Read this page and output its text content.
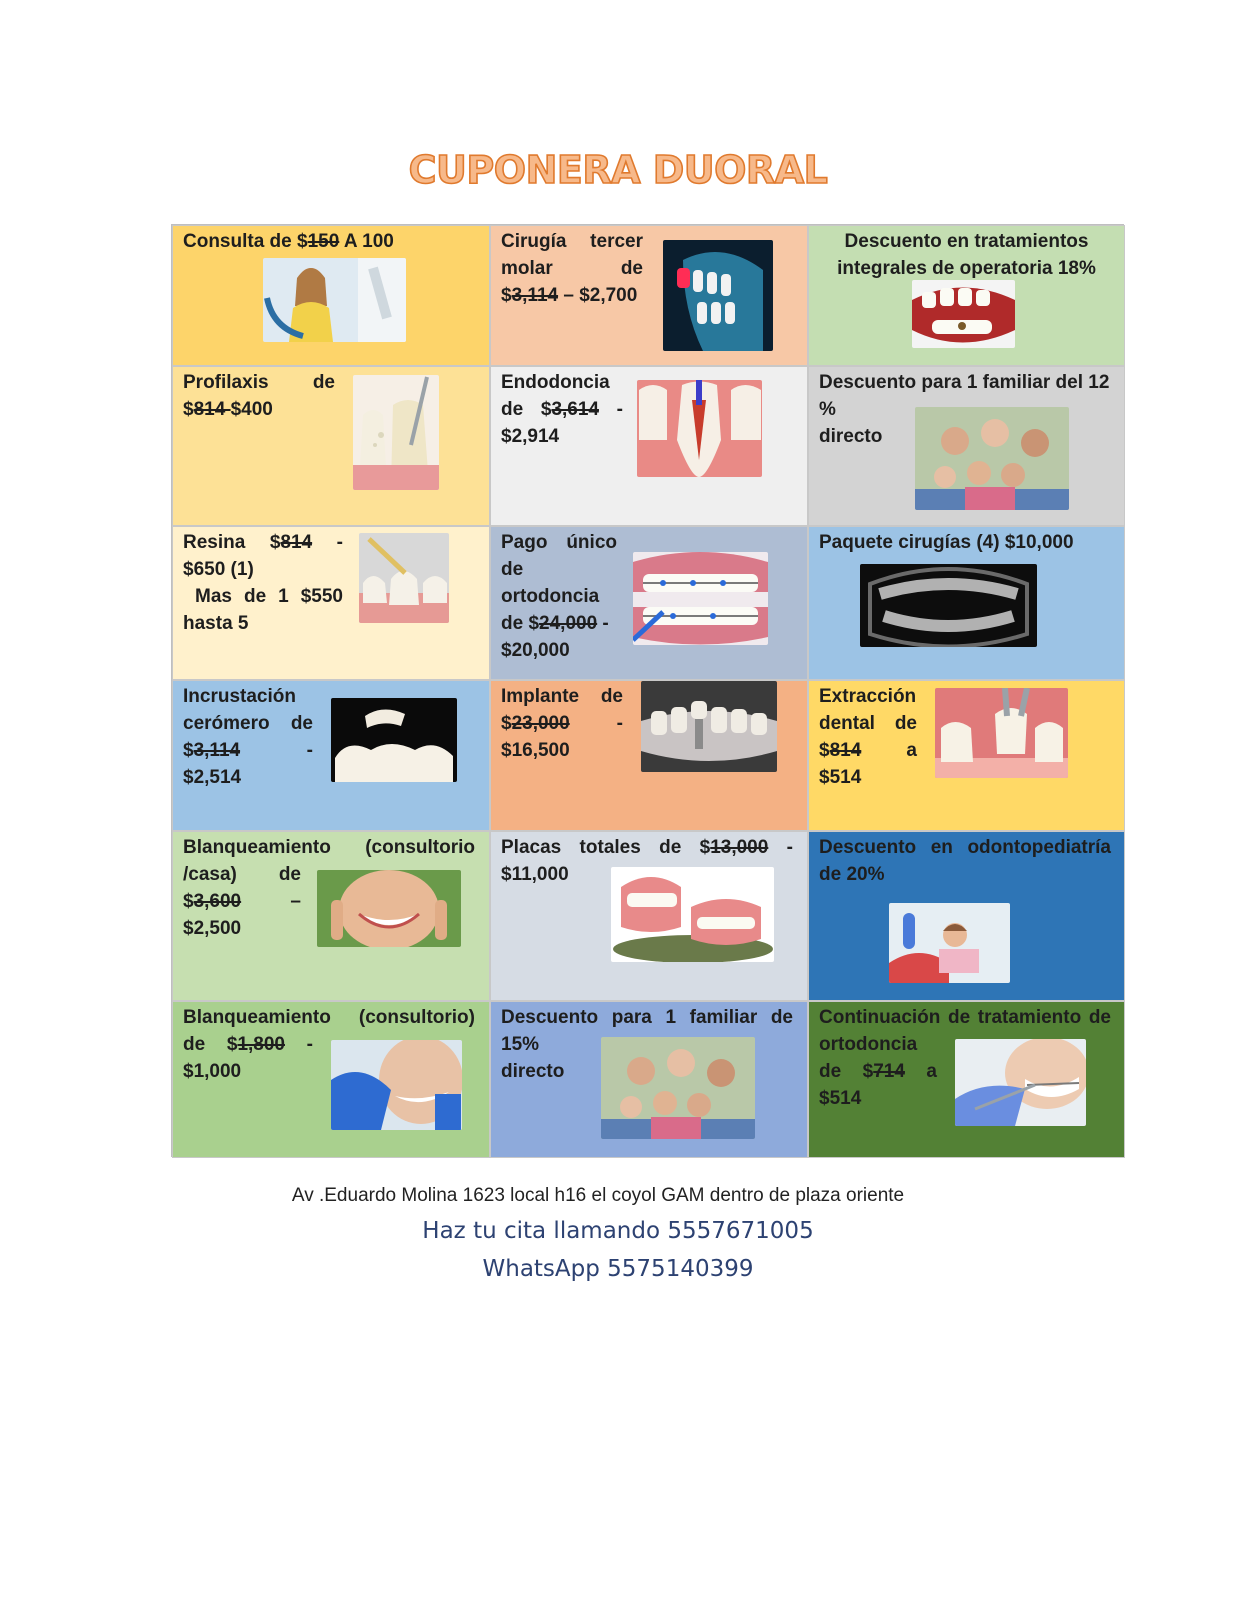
CUPONERA DUORAL
Consulta de $150 A 100	Cirugía tercer
molar de
$3,114 – $2,700
Descuento en tratamientos
integrales de operatoria 18%
Profilaxis de
$814 $400
Endodoncia
de $3,614 -
$2,914
Descuento para 1 familiar del 12
%
directo
Resina $814 -
$650 (1)
Mas de 1 $550
hasta 5
Pago único
de
ortodoncia
de $24,000 -
$20,000
Paquete cirugías (4) $10,000
Incrustación
cerómero de
$3,114 -
$2,514
Implante de
$23,000 -
$16,500
Extracción
dental de
$814 a
$514
Blanqueamiento (consultorio
/casa) de
$3,600 –
$2,500
Placas totales de $13,000 -
$11,000
Descuento en odontopediatría
de 20%
Blanqueamiento (consultorio)
de $1,800 -
$1,000
Descuento para 1 familiar de
15%
directo
Continuación de tratamiento de
ortodoncia
de $714 a
$514
Av .Eduardo Molina 1623 local h16 el coyol GAM dentro de plaza oriente
Haz tu cita llamando 5557671005
WhatsApp 5575140399
